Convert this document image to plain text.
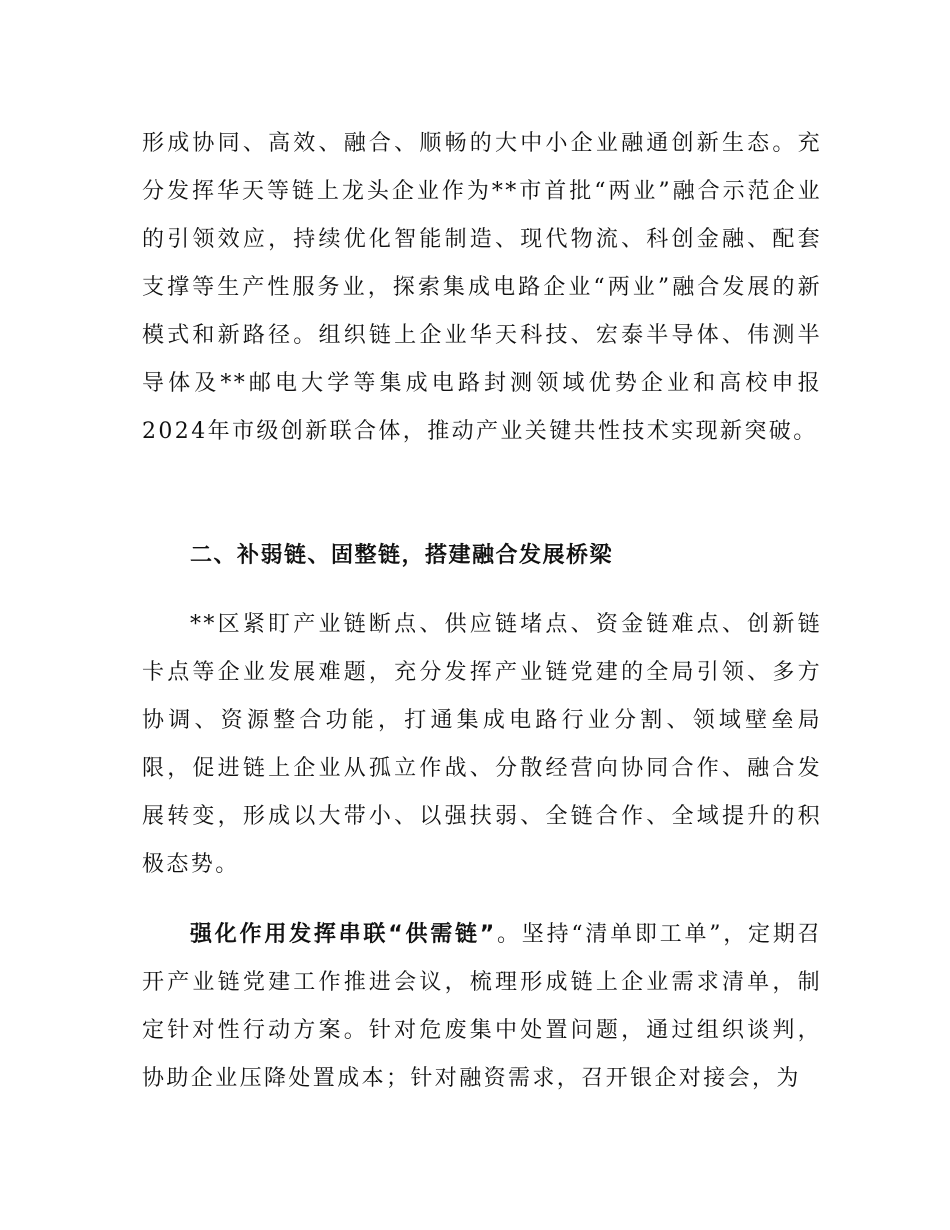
形成协同、高效、融合、顺畅的大中小企业融通创新生态。充分发挥华天等链上龙头企业作为**市首批“两业”融合示范企业的引领效应，持续优化智能制造、现代物流、科创金融、配套支撑等生产性服务业，探索集成电路企业“两业”融合发展的新模式和新路径。组织链上企业华天科技、宏泰半导体、伟测半导体及**邮电大学等集成电路封测领域优势企业和高校申报2024年市级创新联合体，推动产业关键共性技术实现新突破。

二、补弱链、固整链，搭建融合发展桥梁

**区紧盯产业链断点、供应链堵点、资金链难点、创新链卡点等企业发展难题，充分发挥产业链党建的全局引领、多方协调、资源整合功能，打通集成电路行业分割、领域壁垒局限，促进链上企业从孤立作战、分散经营向协同合作、融合发展转变，形成以大带小、以强扶弱、全链合作、全域提升的积极态势。

强化作用发挥串联“供需链”。坚持“清单即工单”，定期召开产业链党建工作推进会议，梳理形成链上企业需求清单，制定针对性行动方案。针对危废集中处置问题，通过组织谈判，协助企业压降处置成本；针对融资需求，召开银企对接会，为
